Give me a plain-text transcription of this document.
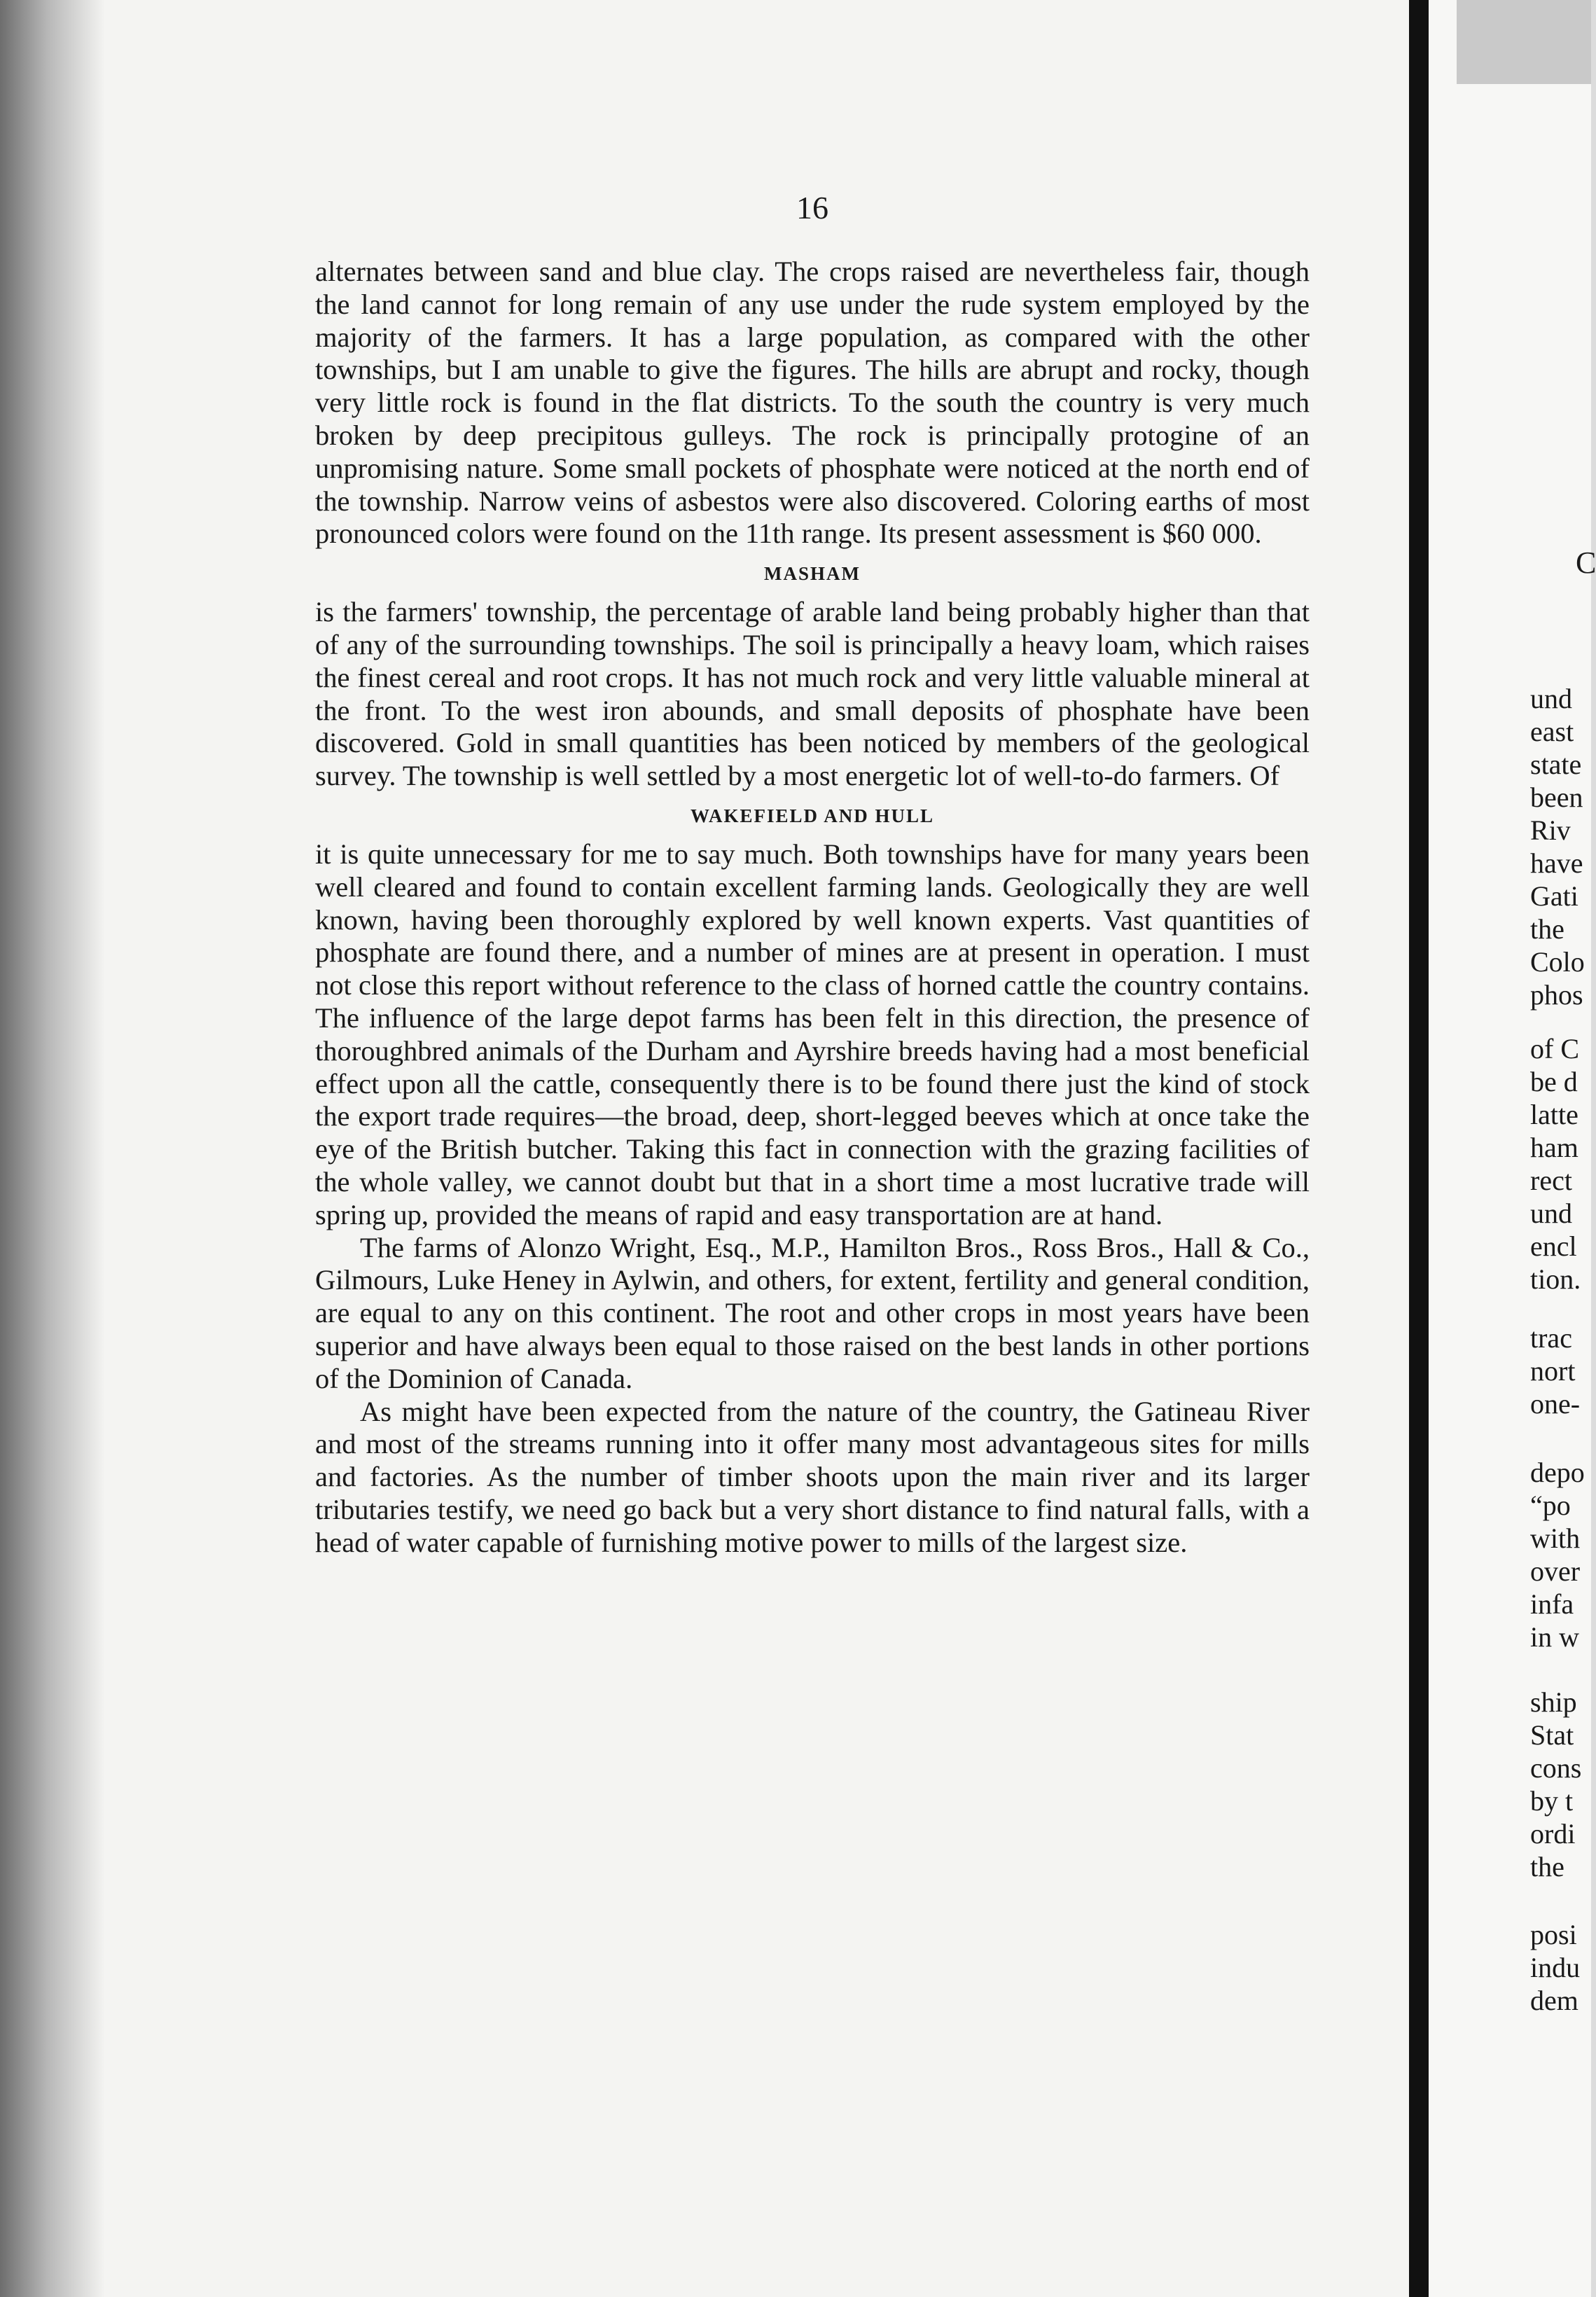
16

alternates between sand and blue clay. The crops raised are nevertheless fair, though the land cannot for long remain of any use under the rude system employed by the majority of the farmers. It has a large population, as compared with the other townships, but I am unable to give the figures. The hills are abrupt and rocky, though very little rock is found in the flat districts. To the south the country is very much broken by deep precipitous gulleys. The rock is principally protogine of an unpromising nature. Some small pockets of phosphate were noticed at the north end of the township. Narrow veins of asbestos were also discovered. Coloring earths of most pronounced colors were found on the 11th range. Its present assessment is $60 000.

MASHAM

is the farmers' township, the percentage of arable land being probably higher than that of any of the surrounding townships. The soil is principally a heavy loam, which raises the finest cereal and root crops. It has not much rock and very little valuable mineral at the front. To the west iron abounds, and small deposits of phosphate have been discovered. Gold in small quantities has been noticed by members of the geological survey. The township is well settled by a most energetic lot of well-to-do farmers. Of

WAKEFIELD AND HULL

it is quite unnecessary for me to say much. Both townships have for many years been well cleared and found to contain excellent farming lands. Geologically they are well known, having been thoroughly explored by well known experts. Vast quantities of phosphate are found there, and a number of mines are at present in operation. I must not close this report without reference to the class of horned cattle the country contains. The influence of the large depot farms has been felt in this direction, the presence of thoroughbred animals of the Durham and Ayrshire breeds having had a most beneficial effect upon all the cattle, consequently there is to be found there just the kind of stock the export trade requires—the broad, deep, short-legged beeves which at once take the eye of the British butcher. Taking this fact in connection with the grazing facilities of the whole valley, we cannot doubt but that in a short time a most lucrative trade will spring up, provided the means of rapid and easy transportation are at hand.

The farms of Alonzo Wright, Esq., M.P., Hamilton Bros., Ross Bros., Hall & Co., Gilmours, Luke Heney in Aylwin, and others, for extent, fertility and general condition, are equal to any on this continent. The root and other crops in most years have been superior and have always been equal to those raised on the best lands in other portions of the Dominion of Canada.

As might have been expected from the nature of the country, the Gatineau River and most of the streams running into it offer many most advantageous sites for mills and factories. As the number of timber shoots upon the main river and its larger tributaries testify, we need go back but a very short distance to find natural falls, with a head of water capable of furnishing motive power to mills of the largest size.

C

und

east

state

been

Riv

have

Gati

the

Colo

phos

of C

be d

latte

ham

rect

und

encl

tion.

trac

nort

one-

depo

“po

with

over

infa

in w

ship

Stat

cons

by t

ordi

the

posi

indu

dem
